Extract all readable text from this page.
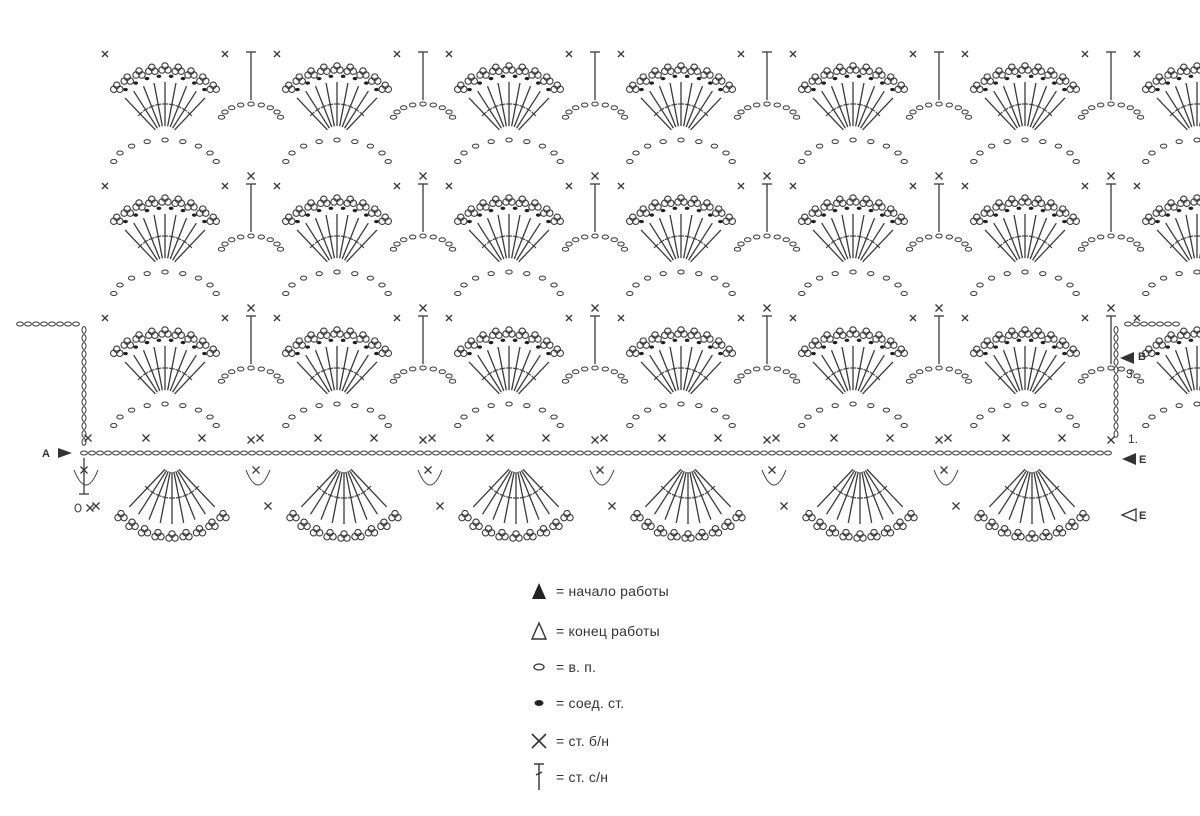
A
B
3.
1.
E
E
= начало работы
= конец работы
= в. п.
= соед. ст.
= ст. б/н
= ст. с/н
